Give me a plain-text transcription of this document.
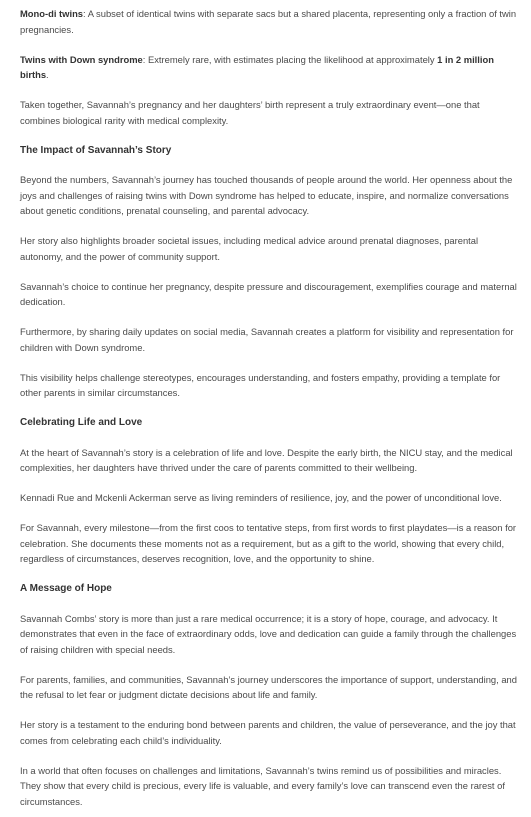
Mono-di twins: A subset of identical twins with separate sacs but a shared placenta, representing only a fraction of twin pregnancies.

Twins with Down syndrome: Extremely rare, with estimates placing the likelihood at approximately 1 in 2 million births.

Taken together, Savannah’s pregnancy and her daughters’ birth represent a truly extraordinary event—one that combines biological rarity with medical complexity.

The Impact of Savannah’s Story

Beyond the numbers, Savannah’s journey has touched thousands of people around the world. Her openness about the joys and challenges of raising twins with Down syndrome has helped to educate, inspire, and normalize conversations about genetic conditions, prenatal counseling, and parental advocacy.

Her story also highlights broader societal issues, including medical advice around prenatal diagnoses, parental autonomy, and the power of community support.

Savannah’s choice to continue her pregnancy, despite pressure and discouragement, exemplifies courage and maternal dedication.

Furthermore, by sharing daily updates on social media, Savannah creates a platform for visibility and representation for children with Down syndrome.

This visibility helps challenge stereotypes, encourages understanding, and fosters empathy, providing a template for other parents in similar circumstances.

Celebrating Life and Love

At the heart of Savannah’s story is a celebration of life and love. Despite the early birth, the NICU stay, and the medical complexities, her daughters have thrived under the care of parents committed to their wellbeing.

Kennadi Rue and Mckenli Ackerman serve as living reminders of resilience, joy, and the power of unconditional love.

For Savannah, every milestone—from the first coos to tentative steps, from first words to first playdates—is a reason for celebration. She documents these moments not as a requirement, but as a gift to the world, showing that every child, regardless of circumstances, deserves recognition, love, and the opportunity to shine.

A Message of Hope

Savannah Combs’ story is more than just a rare medical occurrence; it is a story of hope, courage, and advocacy. It demonstrates that even in the face of extraordinary odds, love and dedication can guide a family through the challenges of raising children with special needs.

For parents, families, and communities, Savannah’s journey underscores the importance of support, understanding, and the refusal to let fear or judgment dictate decisions about life and family.

Her story is a testament to the enduring bond between parents and children, the value of perseverance, and the joy that comes from celebrating each child’s individuality.

In a world that often focuses on challenges and limitations, Savannah’s twins remind us of possibilities and miracles. They show that every child is precious, every life is valuable, and every family’s love can transcend even the rarest of circumstances.
